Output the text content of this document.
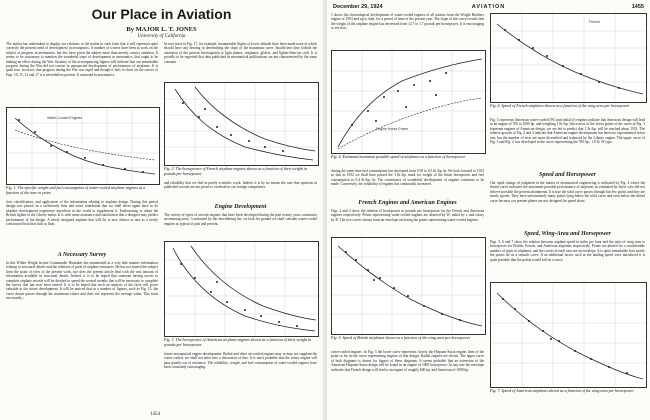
Our Place in Aviation
By MAJOR L. T. JONES
University of California
The author has undertaken to display our relations to the nation in such form that it will represent quite correctly the present trend of development in aeronautics. A number of writers have been at work on the subject of progress in aeronautics, but few have given the subject more than merely cursory attention. It seems to be customary to mention the wonderful steps of development in aeronautics, that ought to be making an effect during the War. Scrutiny of the accompanying figures will indicate that our remarkable progress during the War did not consist in unexpected development of performance of airplanes. It is quite true, however, that progress during the War was rapid and though it fails to show on the curves of Figs. 10, 11, 12 and 17 it is nevertheless present. It consisted in aeronautics.
Water-Cooled Engines
Fig. 1. The specific weight and fuel consumption of water-cooled airplane engines as a function of the time in years
tion, classification, and application of the information relating to airplane design. During this period design was placed on a sufficiently firm and exact foundation that we shall never again have to do airplane development experience anywhere in the world to supplement it. Endeavoring to adopt the British fighter to the Liberty motor. It is with some assurance and satisfaction that a designer may predict performance of his design. A newly designed airplane that will fly is now almost as rare as a newly constructed boat that fails to float.
A Necessary Survey
In this Wilber Wright lecture Commander Hunsaker has enumerated in a very able manner information relating to structural details and the relations of parts of airplane structures. He has not treated the subject from the point of view of the present work, nor does the present article deal with the vast amount of information available in structural details. Indeed, it is to be hoped that someone having access to complete airplane records will be decided to spend the several months that will be necessary to complete the survey that has now been started. It is to be hoped that such an analysis of the facts will prove valuable to the future development. It will be noticed that in a number of figures, such as Fig. 13, the curve drawn passes through the maximum values and does not represent the average value. This most necessarily...
be true since in Fig. 17, for example, innumerable flights of lower altitude have been made none of which should have any bearing in determining the slope of the maximum curve. Insufficient time forbids the extension of the present investigation to light planes, seaplanes, gliders, and lighter-than-air craft. It is proudly to be regretted that data published in aeronautical publications are not characterized by the same constant.
Fig. 2. The horsepower of French airplane engines shown as a function of their weight in pounds per horsepower
and reliability that we find in purely scientific work. Indeed, it is by no means the case that opinions in published records are not prone to overload in our foreign competitors.
Engine Development
The variety of types of aircraft engines that have been developed during the past twenty years constitutes an amazing array. Confronted by this bewildering list, we look for ground we shall consider water-cooled engines as typical of past and present.
Fig. 3. The horsepower of American airplane engines shown as a function of their weight in pounds per horsepower
future aeronautical engine development. Radial and other air-cooled engines may or may not supplant the water-cooled, we shall not enter into a discussion of that. It is most probable that the rotary engine will pass quietly out of existence. The reliability, weight, and fuel consumption of water-cooled engines have been constantly encouraging.
1454
December 29, 1924	AVIATION	1455
1 shows the chronological development of water-cooled engines of all nations from the Wright Brothers engine of 1903 and up to date, for a period of time of the present year. The slope of the curve reveals that the weight of the airplane engine has decreased from 12.7 to 1.7 pounds per horsepower. It is encouraging to see that...
Engine Horse-Power
Fig. 4. Estimated maximum possible speed of airplanes as a function of horsepower
during the same time fuel consumption has decreased from 0.95 to 0.5 lb./hp. hr. We look forward to 1932 so that in 1932 we shall have passed the 1 lb./hp. mark for weight of the thrust horsepower and fuel consumption to 0.4 lb./hp. hr. The consistency of wonderful development of engines continues to be made. Conversely, the reliability of engines has continually increased.
French Engines and American Engines
Figs. 2 and 3 show the relation of horsepower to pounds per horsepower for the French and American engines respectively. Points representing water-cooled engines are denoted by W, radial by r, and rotary by R. The two curves shown form an envelope enclosing the points representing water-cooled engines.
Fig. 5. Speed of British airplanes shown as a function of the wing area per horsepower
water-cooled engines. In Fig. 3 the lower curve represents closely the Hispano-Suiza engine, then of the point so far on the curve representing engines of that design. Radial engines are shown. The upper curve of both diagrams is drawn for figures of these diagrams. It seems probable that an extension of the American Hispano-Suiza design will be found in an engine of 1000 horsepower. At any rate the envelope indicates that French design will lead to an engine of roughly 600 hp. and American of 1000 hp.
French
Fig. 6. Speed of French airplanes shown as a function of the wing area per horsepower
Fig. 3 represents American water-cooled (W) and radial (r) engines indicate that American design will lead to an engine of 700 to 1000 hp. and weighing 1 lb./hp. Since most of the lower points of the curve of Fig. 3 represent engines of American design, we are led to predict that 1 lb./hp. will be reached about 1931. The relative growth of Fig. 2 and 3 indicate that American engine development has been too experimental in but one, but the number of tests are more diversified and balanced by the Liberty engine. The upper curve of Fig. 3 and Fig. 2 was developed in the curve representing the 700 hp., 1.8 lb. W type.
Speed and Horsepower
Our rapid change of judgment in the matter of aeronautical engineering is indicated by Fig. 4 where the dotted curve indicates the maximum possible performance of airplanes as estimated by those who did not believe possible the present attainments. It is true the solid curve passes through but few points and they are nearly speeds. They have unfortunately many points lying below the solid curve and even below the dotted curve because our present planes are not designed for speed alone.
Speed, Wing-Area and Horsepower
Figs. 5, 6 and 7 show the relation between airplane speed in miles per hour and the ratio of wing area to horsepower for British, French, and American airplanes respectively. Points are plotted for a considerable number of types of airplanes, and the curves in each case are an envelope. It is quite remarkable how nearly the points lie on a smooth curve. If an additional factor, such as the landing speed were introduced it is quite possible that the points would fall on a curve.
Fig. 7. Speed of American airplanes shown as a function of the wing area per horsepower
